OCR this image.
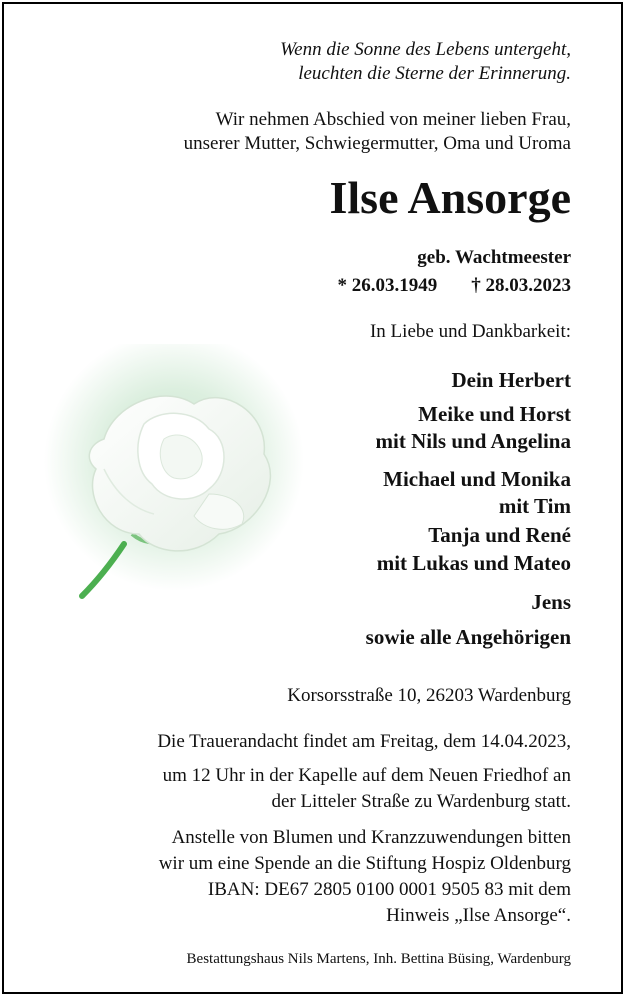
Wenn die Sonne des Lebens untergeht,
leuchten die Sterne der Erinnerung.
Wir nehmen Abschied von meiner lieben Frau,
unserer Mutter, Schwiegermutter, Oma und Uroma
Ilse Ansorge
geb. Wachtmeester
* 26.03.1949 † 28.03.2023
In Liebe und Dankbarkeit:
Dein Herbert
Meike und Horst
mit Nils und Angelina
Michael und Monika
mit Tim
Tanja und René
mit Lukas und Mateo
Jens
sowie alle Angehörigen
Korsorsstraße 10, 26203 Wardenburg
Die Trauerandacht findet am Freitag, dem 14.04.2023,
um 12 Uhr in der Kapelle auf dem Neuen Friedhof an
der Litteler Straße zu Wardenburg statt.
Anstelle von Blumen und Kranzzuwendungen bitten
wir um eine Spende an die Stiftung Hospiz Oldenburg
IBAN: DE67 2805 0100 0001 9505 83 mit dem
Hinweis „Ilse Ansorge“.
Bestattungshaus Nils Martens, Inh. Bettina Büsing, Wardenburg
